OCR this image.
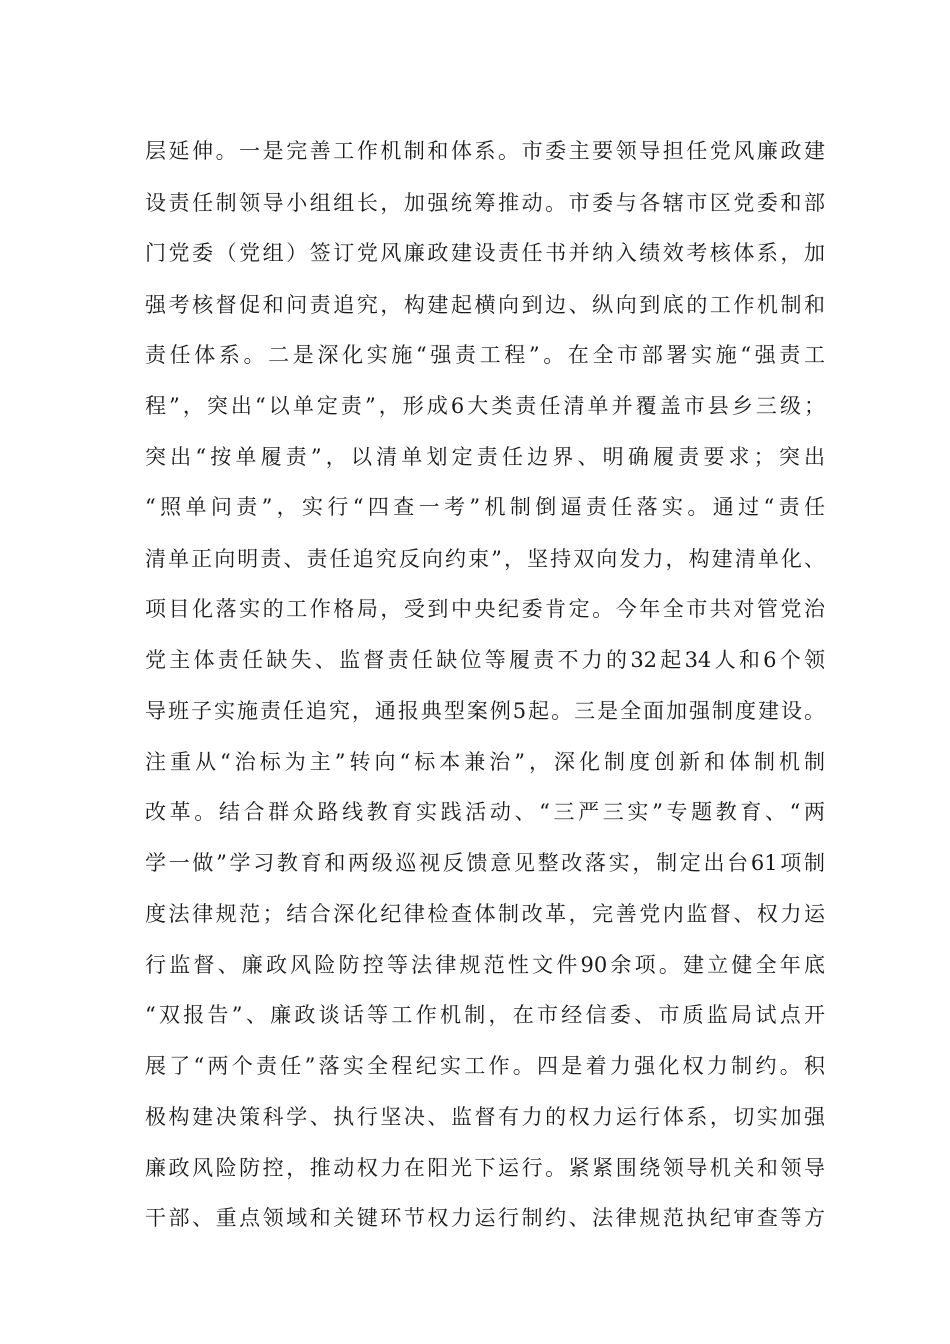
层延伸。一是完善工作机制和体系。市委主要领导担任党风廉政建
设责任制领导小组组长，加强统筹推动。市委与各辖市区党委和部
门党委（党组）签订党风廉政建设责任书并纳入绩效考核体系，加
强考核督促和问责追究，构建起横向到边、纵向到底的工作机制和
责任体系。二是深化实施“强责工程”。在全市部署实施“强责工
程”，突出“以单定责”，形成6大类责任清单并覆盖市县乡三级；
突出“按单履责”，以清单划定责任边界、明确履责要求；突出
“照单问责”，实行“四查一考”机制倒逼责任落实。通过“责任
清单正向明责、责任追究反向约束”，坚持双向发力，构建清单化、
项目化落实的工作格局，受到中央纪委肯定。今年全市共对管党治
党主体责任缺失、监督责任缺位等履责不力的32起34人和6个领
导班子实施责任追究，通报典型案例5起。三是全面加强制度建设。
注重从“治标为主”转向“标本兼治”，深化制度创新和体制机制
改革。结合群众路线教育实践活动、“三严三实”专题教育、“两
学一做”学习教育和两级巡视反馈意见整改落实，制定出台61项制
度法律规范；结合深化纪律检查体制改革，完善党内监督、权力运
行监督、廉政风险防控等法律规范性文件90余项。建立健全年底
“双报告”、廉政谈话等工作机制，在市经信委、市质监局试点开
展了“两个责任”落实全程纪实工作。四是着力强化权力制约。积
极构建决策科学、执行坚决、监督有力的权力运行体系，切实加强
廉政风险防控，推动权力在阳光下运行。紧紧围绕领导机关和领导
干部、重点领域和关键环节权力运行制约、法律规范执纪审查等方
